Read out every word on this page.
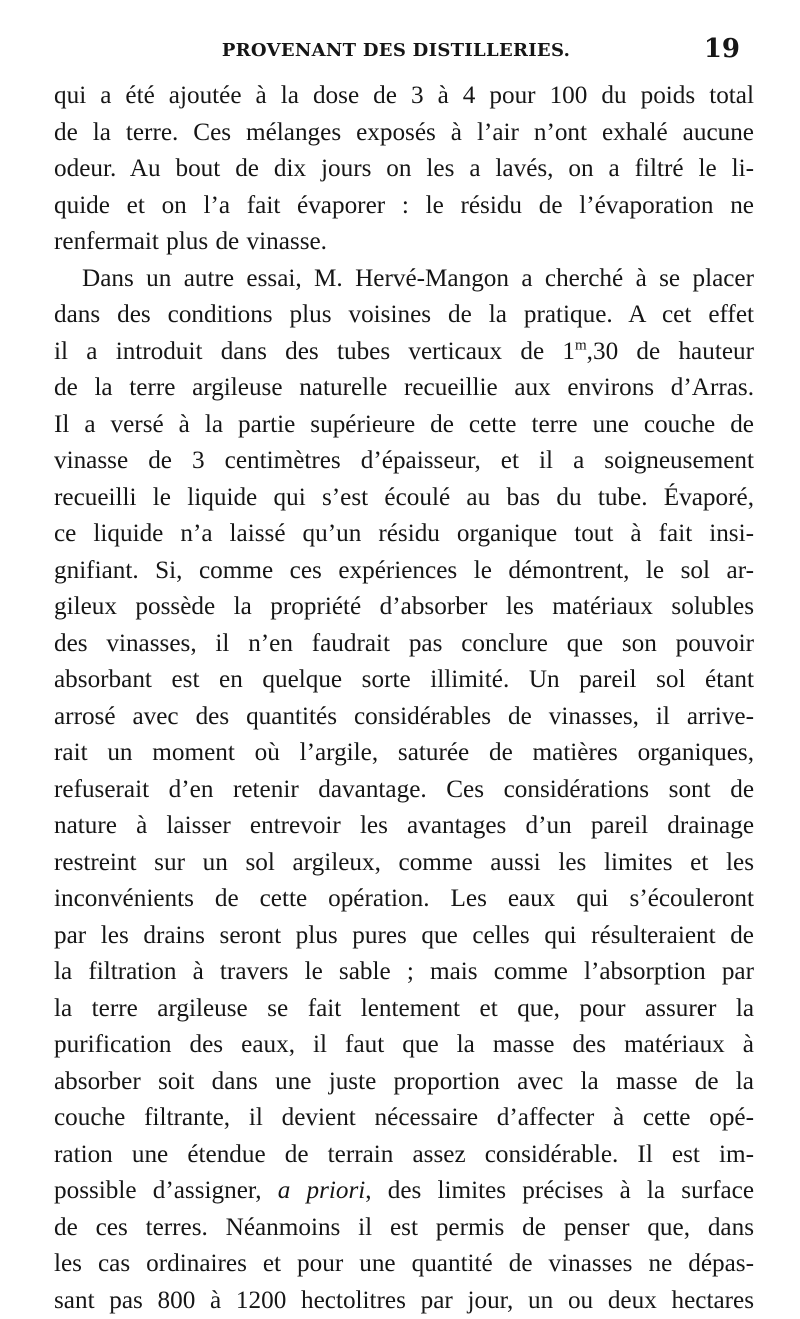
PROVENANT DES DISTILLERIES.	19
qui a été ajoutée à la dose de 3 à 4 pour 100 du poids total
de la terre. Ces mélanges exposés à l’air n’ont exhalé aucune
odeur. Au bout de dix jours on les a lavés, on a filtré le li-
quide et on l’a fait évaporer : le résidu de l’évaporation ne
renfermait plus de vinasse.
Dans un autre essai, M. Hervé-Mangon a cherché à se placer
dans des conditions plus voisines de la pratique. A cet effet
il a introduit dans des tubes verticaux de 1$^m$,30 de hauteur
de la terre argileuse naturelle recueillie aux environs d’Arras.
Il a versé à la partie supérieure de cette terre une couche de
vinasse de 3 centimètres d’épaisseur, et il a soigneusement
recueilli le liquide qui s’est écoulé au bas du tube. Évaporé,
ce liquide n’a laissé qu’un résidu organique tout à fait insi-
gnifiant. Si, comme ces expériences le démontrent, le sol ar-
gileux possède la propriété d’absorber les matériaux solubles
des vinasses, il n’en faudrait pas conclure que son pouvoir
absorbant est en quelque sorte illimité. Un pareil sol étant
arrosé avec des quantités considérables de vinasses, il arrive-
rait un moment où l’argile, saturée de matières organiques,
refuserait d’en retenir davantage. Ces considérations sont de
nature à laisser entrevoir les avantages d’un pareil drainage
restreint sur un sol argileux, comme aussi les limites et les
inconvénients de cette opération. Les eaux qui s’écouleront
par les drains seront plus pures que celles qui résulteraient de
la filtration à travers le sable ; mais comme l’absorption par
la terre argileuse se fait lentement et que, pour assurer la
purification des eaux, il faut que la masse des matériaux à
absorber soit dans une juste proportion avec la masse de la
couche filtrante, il devient nécessaire d’affecter à cette opé-
ration une étendue de terrain assez considérable. Il est im-
possible d’assigner, a priori, des limites précises à la surface
de ces terres. Néanmoins il est permis de penser que, dans
les cas ordinaires et pour une quantité de vinasses ne dépas-
sant pas 800 à 1200 hectolitres par jour, un ou deux hectares
